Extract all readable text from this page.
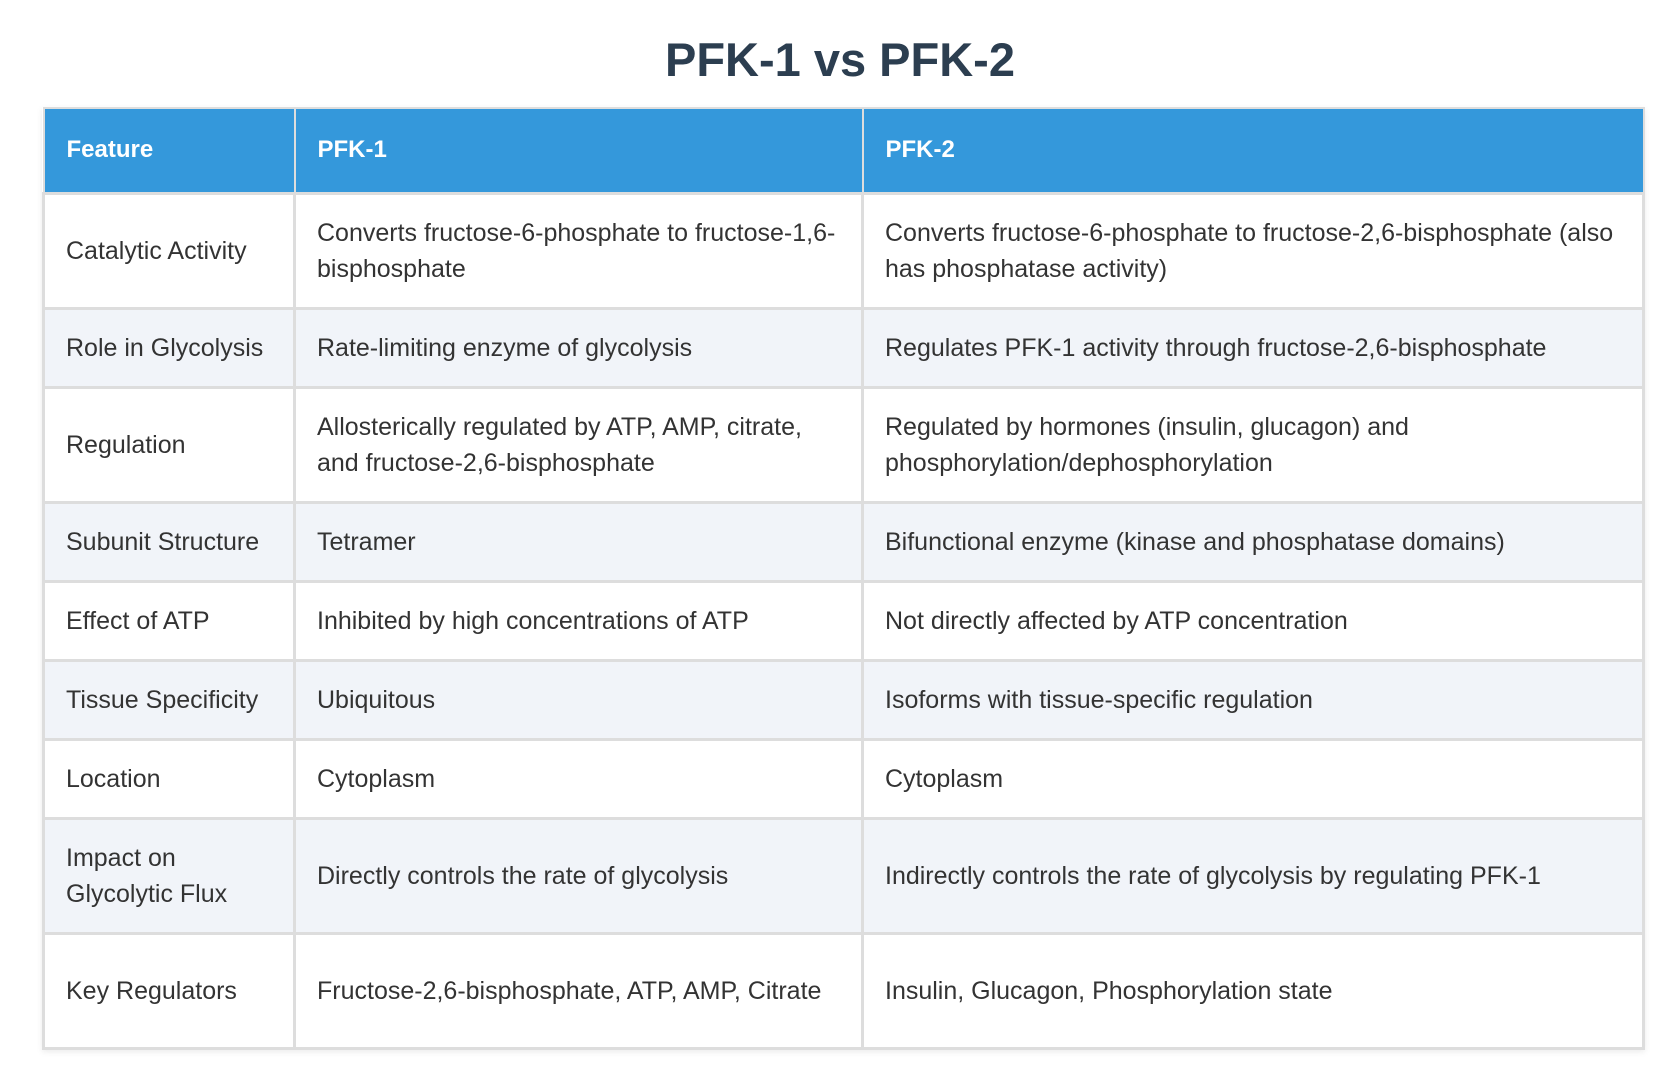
PFK-1 vs PFK-2
Feature	PFK-1	PFK-2
Catalytic Activity	Converts fructose-6-phosphate to fructose-1,6-bisphosphate	Converts fructose-6-phosphate to fructose-2,6-bisphosphate (also has phosphatase activity)
Role in Glycolysis	Rate-limiting enzyme of glycolysis	Regulates PFK-1 activity through fructose-2,6-bisphosphate
Regulation	Allosterically regulated by ATP, AMP, citrate, and fructose-2,6-bisphosphate	Regulated by hormones (insulin, glucagon) and phosphorylation/dephosphorylation
Subunit Structure	Tetramer	Bifunctional enzyme (kinase and phosphatase domains)
Effect of ATP	Inhibited by high concentrations of ATP	Not directly affected by ATP concentration
Tissue Specificity	Ubiquitous	Isoforms with tissue-specific regulation
Location	Cytoplasm	Cytoplasm
Impact on Glycolytic Flux	Directly controls the rate of glycolysis	Indirectly controls the rate of glycolysis by regulating PFK-1
Key Regulators	Fructose-2,6-bisphosphate, ATP, AMP, Citrate	Insulin, Glucagon, Phosphorylation state
